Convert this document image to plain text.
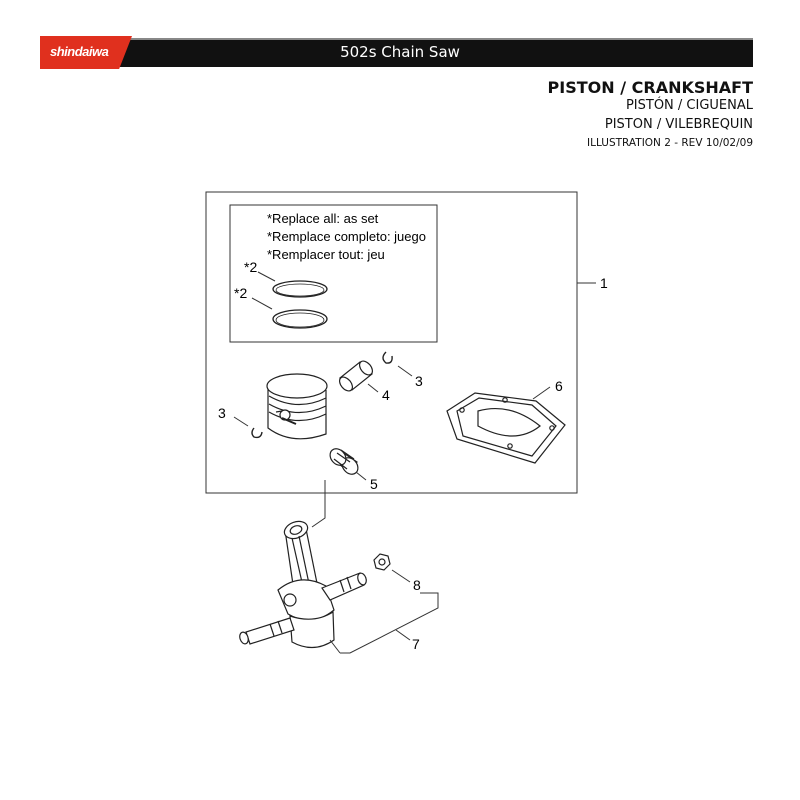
shindaiwa	502s Chain Saw
PISTON / CRANKSHAFT
PISTÓN / CIGUENAL
PISTON / VILEBREQUIN
ILLUSTRATION 2 - REV 10/02/09
*Replace all: as set
*Remplace completo: juego
*Remplacer tout: jeu
1
*2
*2
4
3
3
6
5
8
7
